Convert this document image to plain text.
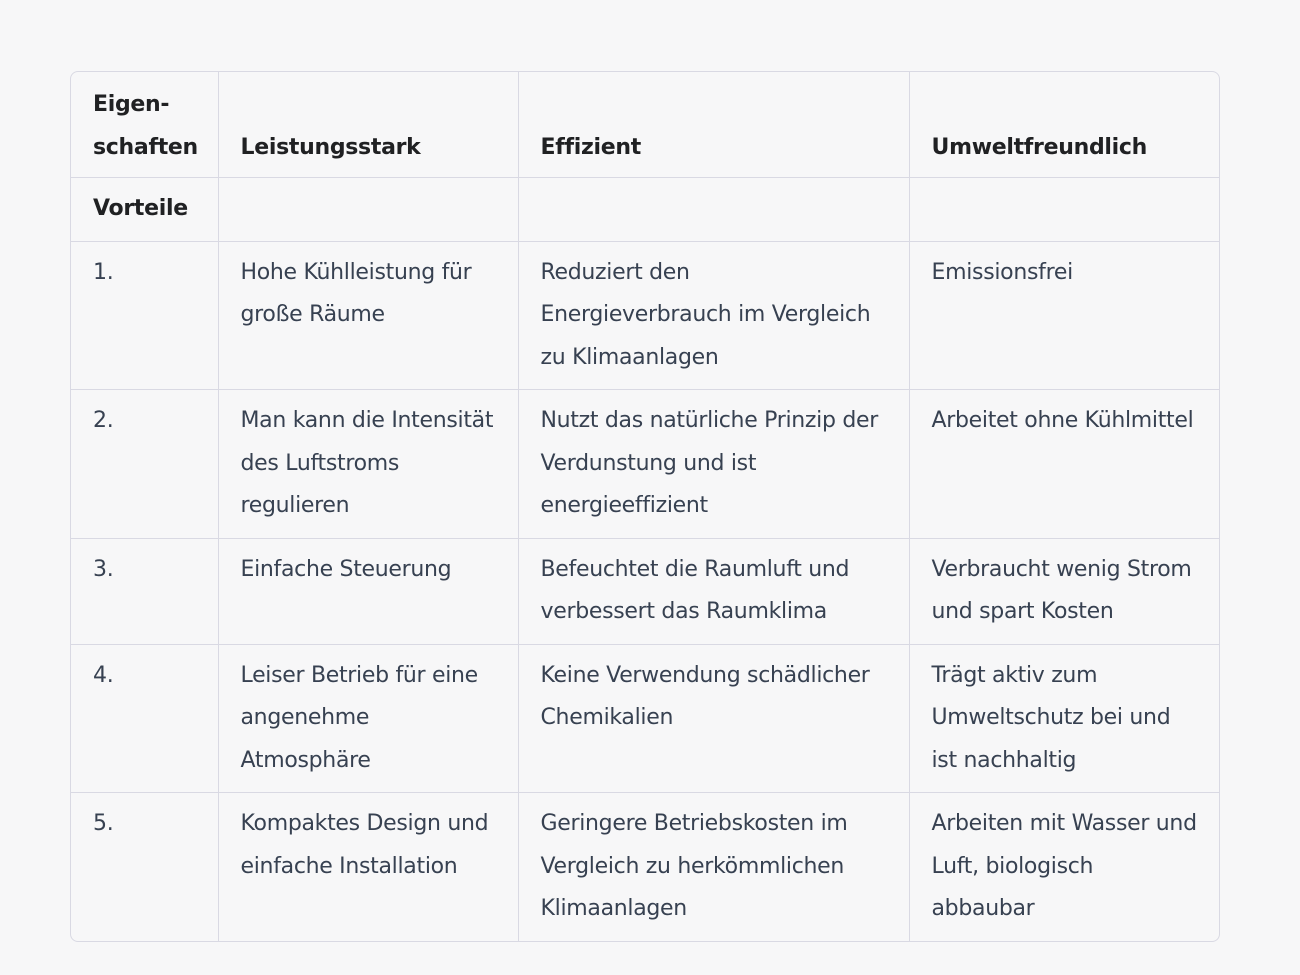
Eigen-schaften	Leistungsstark	Effizient	Umweltfreundlich
Vorteile			
1.	Hohe Kühlleistung für große Räume	Reduziert den Energieverbrauch im Vergleich zu Klimaanlagen	Emissionsfrei
2.	Man kann die Intensität des Luftstroms regulieren	Nutzt das natürliche Prinzip der Verdunstung und ist energieeffizient	Arbeitet ohne Kühlmittel
3.	Einfache Steuerung	Befeuchtet die Raumluft und verbessert das Raumklima	Verbraucht wenig Strom und spart Kosten
4.	Leiser Betrieb für eine angenehme Atmosphäre	Keine Verwendung schädlicher Chemikalien	Trägt aktiv zum Umweltschutz bei und ist nachhaltig
5.	Kompaktes Design und einfache Installation	Geringere Betriebskosten im Vergleich zu herkömmlichen Klimaanlagen	Arbeiten mit Wasser und Luft, biologisch abbaubar
